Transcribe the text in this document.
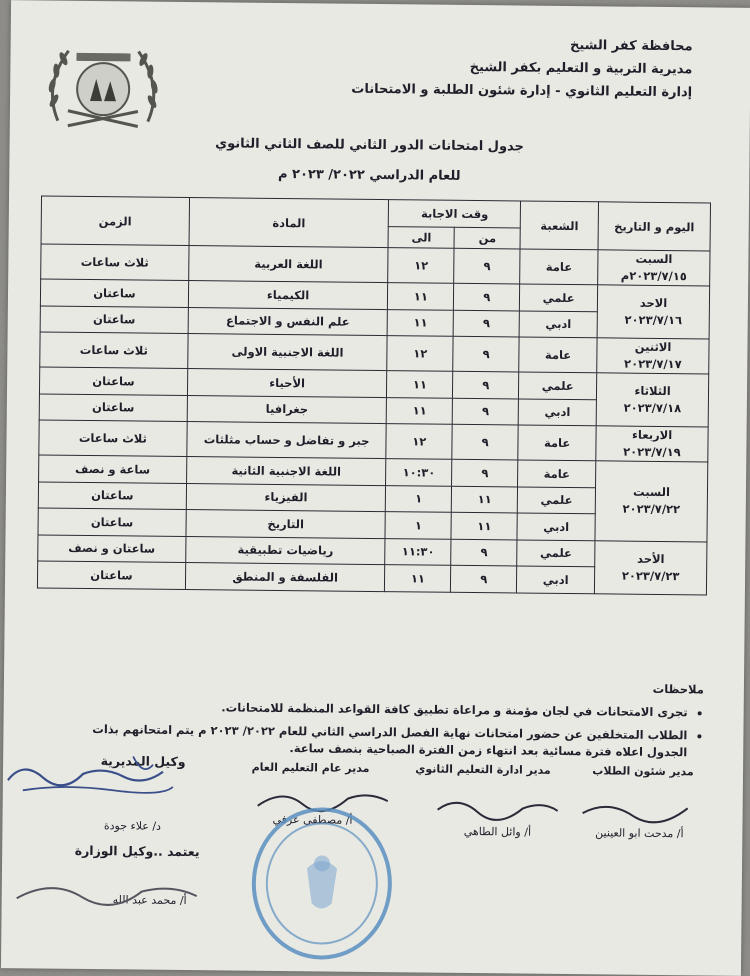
محافظة كفر الشيخ
مديرية التربية و التعليم بكفر الشيخ
إدارة التعليم الثانوي - إدارة شئون الطلبة و الامتحانات
جدول امتحانات الدور الثاني للصف الثاني الثانوي
للعام الدراسي ٢٠٢٢/ ٢٠٢٣ م
اليوم و التاريخ	الشعبة	وقت الاجابة		المادة	الزمن
		من	الى		

السبت
٢٠٢٣/٧/١٥م	عامة	٩	١٢	اللغة العربية	ثلاث ساعات

الاحد
٢٠٢٣/٧/١٦	علمي	٩	١١	الكيمياء	ساعتان
	ادبي	٩	١١	علم النفس و الاجتماع	ساعتان

الاثنين
٢٠٢٣/٧/١٧	عامة	٩	١٢	اللغة الاجنبية الاولى	ثلاث ساعات

الثلاثاء
٢٠٢٣/٧/١٨	علمي	٩	١١	الأحياء	ساعتان
	ادبي	٩	١١	جغرافيا	ساعتان

الاربعاء
٢٠٢٣/٧/١٩	عامة	٩	١٢	جبر و تفاضل و حساب مثلثات	ثلاث ساعات

السبت
٢٠٢٣/٧/٢٢	عامة	٩	١٠:٣٠	اللغة الاجنبية الثانية	ساعة و نصف
	علمي	١١	١	الفيزياء	ساعتان
	ادبي	١١	١	التاريخ	ساعتان

الأحد
٢٠٢٣/٧/٢٣	علمي	٩	١١:٣٠	رياضيات تطبيقية	ساعتان و نصف
	ادبي	٩	١١	الفلسفة و المنطق	ساعتان
ملاحظات
• تجرى الامتحانات في لجان مؤمنة و مراعاة تطبيق كافة القواعد المنظمة للامتحانات.
• الطلاب المتخلفين عن حضور امتحانات نهاية الفصل الدراسي الثاني للعام ٢٠٢٢/ ٢٠٢٣ م يتم امتحانهم بذات الجدول اعلاه فترة مسائية بعد انتهاء زمن الفترة الصباحية بنصف ساعة.
مدير شئون الطلاب
أ/ مدحت ابو العينين
مدير ادارة التعليم الثانوي
أ/ وائل الطاهي
مدير عام التعليم العام
أ/ مصطفى عرفي
وكيل المديرية
د/ علاء جودة
يعتمد ..وكيل الوزارة
أ/ محمد عبد الله
